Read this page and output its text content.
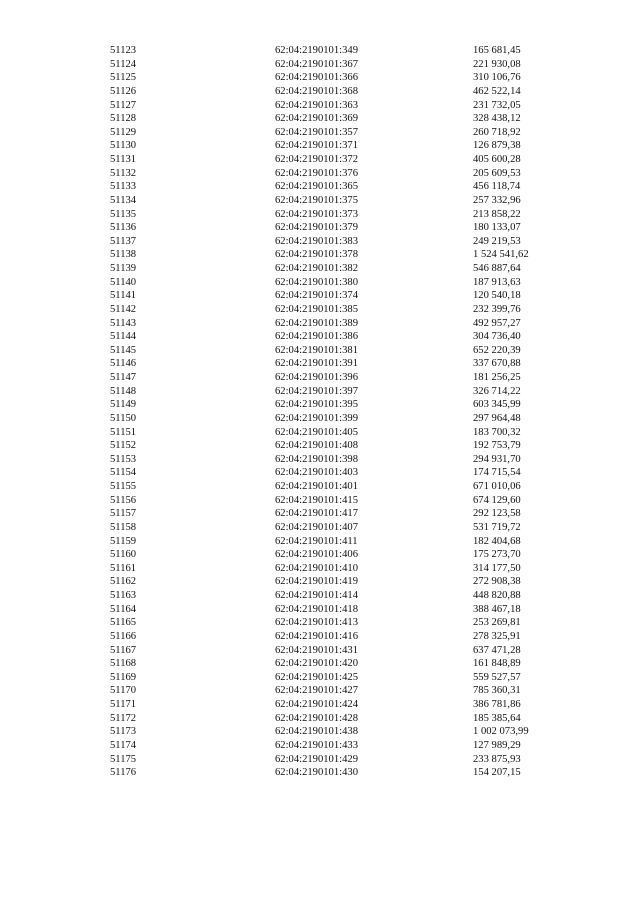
51123	62:04:2190101:349	165 681,45
51124	62:04:2190101:367	221 930,08
51125	62:04:2190101:366	310 106,76
51126	62:04:2190101:368	462 522,14
51127	62:04:2190101:363	231 732,05
51128	62:04:2190101:369	328 438,12
51129	62:04:2190101:357	260 718,92
51130	62:04:2190101:371	126 879,38
51131	62:04:2190101:372	405 600,28
51132	62:04:2190101:376	205 609,53
51133	62:04:2190101:365	456 118,74
51134	62:04:2190101:375	257 332,96
51135	62:04:2190101:373	213 858,22
51136	62:04:2190101:379	180 133,07
51137	62:04:2190101:383	249 219,53
51138	62:04:2190101:378	1 524 541,62
51139	62:04:2190101:382	546 887,64
51140	62:04:2190101:380	187 913,63
51141	62:04:2190101:374	120 540,18
51142	62:04:2190101:385	232 399,76
51143	62:04:2190101:389	492 957,27
51144	62:04:2190101:386	304 736,40
51145	62:04:2190101:381	652 220,39
51146	62:04:2190101:391	337 670,88
51147	62:04:2190101:396	181 256,25
51148	62:04:2190101:397	326 714,22
51149	62:04:2190101:395	603 345,99
51150	62:04:2190101:399	297 964,48
51151	62:04:2190101:405	183 700,32
51152	62:04:2190101:408	192 753,79
51153	62:04:2190101:398	294 931,70
51154	62:04:2190101:403	174 715,54
51155	62:04:2190101:401	671 010,06
51156	62:04:2190101:415	674 129,60
51157	62:04:2190101:417	292 123,58
51158	62:04:2190101:407	531 719,72
51159	62:04:2190101:411	182 404,68
51160	62:04:2190101:406	175 273,70
51161	62:04:2190101:410	314 177,50
51162	62:04:2190101:419	272 908,38
51163	62:04:2190101:414	448 820,88
51164	62:04:2190101:418	388 467,18
51165	62:04:2190101:413	253 269,81
51166	62:04:2190101:416	278 325,91
51167	62:04:2190101:431	637 471,28
51168	62:04:2190101:420	161 848,89
51169	62:04:2190101:425	559 527,57
51170	62:04:2190101:427	785 360,31
51171	62:04:2190101:424	386 781,86
51172	62:04:2190101:428	185 385,64
51173	62:04:2190101:438	1 002 073,99
51174	62:04:2190101:433	127 989,29
51175	62:04:2190101:429	233 875,93
51176	62:04:2190101:430	154 207,15
